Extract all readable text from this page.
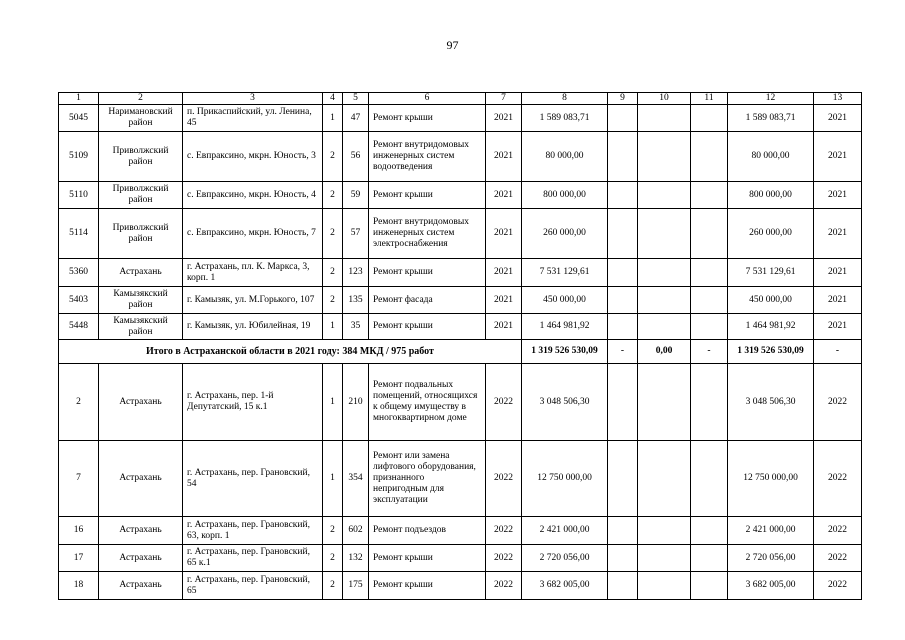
97
1	2	3	4	5	6	7	8	9	10	11	12	13
5045	Наримановский район	п. Прикаспийский, ул. Ленина, 45	1	47	Ремонт крыши	2021	1 589 083,71				1 589 083,71	2021
5109	Приволжский район	с. Евпраксино, мкрн. Юность, 3	2	56	Ремонт внутридомовых инженерных систем водоотведения	2021	80 000,00				80 000,00	2021
5110	Приволжский район	с. Евпраксино, мкрн. Юность, 4	2	59	Ремонт крыши	2021	800 000,00				800 000,00	2021
5114	Приволжский район	с. Евпраксино, мкрн. Юность, 7	2	57	Ремонт внутридомовых инженерных систем электроснабжения	2021	260 000,00				260 000,00	2021
5360	Астрахань	г. Астрахань, пл. К. Маркса, 3, корп. 1	2	123	Ремонт крыши	2021	7 531 129,61				7 531 129,61	2021
5403	Камызякский район	г. Камызяк, ул. М.Горького, 107	2	135	Ремонт фасада	2021	450 000,00				450 000,00	2021
5448	Камызякский район	г. Камызяк, ул. Юбилейная, 19	1	35	Ремонт крыши	2021	1 464 981,92				1 464 981,92	2021
Итого в Астраханской области в 2021 году: 384 МКД / 975 работ							1 319 526 530,09	-	0,00	-	1 319 526 530,09	-
2	Астрахань	г. Астрахань, пер. 1-й Депутатский, 15 к.1	1	210	Ремонт подвальных помещений, относящихся к общему имуществу в многоквартирном доме	2022	3 048 506,30				3 048 506,30	2022
7	Астрахань	г. Астрахань, пер. Грановский, 54	1	354	Ремонт или замена лифтового оборудования, признанного непригодным для эксплуатации	2022	12 750 000,00				12 750 000,00	2022
16	Астрахань	г. Астрахань, пер. Грановский, 63, корп. 1	2	602	Ремонт подъездов	2022	2 421 000,00				2 421 000,00	2022
17	Астрахань	г. Астрахань, пер. Грановский, 65 к.1	2	132	Ремонт крыши	2022	2 720 056,00				2 720 056,00	2022
18	Астрахань	г. Астрахань, пер. Грановский, 65	2	175	Ремонт крыши	2022	3 682 005,00				3 682 005,00	2022
